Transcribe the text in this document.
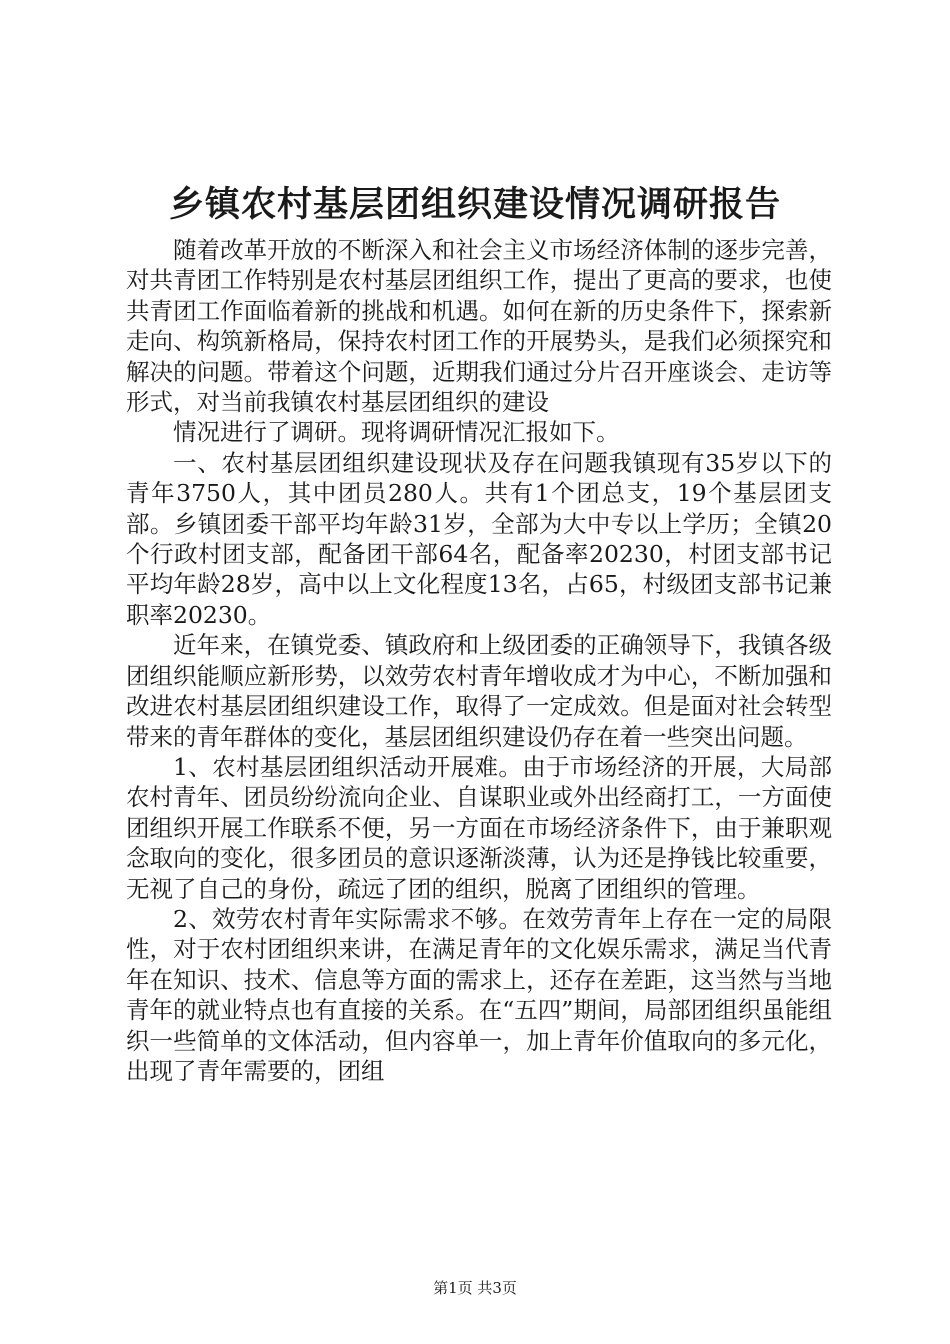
乡镇农村基层团组织建设情况调研报告

随着改革开放的不断深入和社会主义市场经济体制的逐步完善，对共青团工作特别是农村基层团组织工作，提出了更高的要求，也使共青团工作面临着新的挑战和机遇。如何在新的历史条件下，探索新走向、构筑新格局，保持农村团工作的开展势头，是我们必须探究和解决的问题。带着这个问题，近期我们通过分片召开座谈会、走访等形式，对当前我镇农村基层团组织的建设

情况进行了调研。现将调研情况汇报如下。

一、农村基层团组织建设现状及存在问题我镇现有35岁以下的青年3750人，其中团员280人。共有1个团总支，19个基层团支部。乡镇团委干部平均年龄31岁，全部为大中专以上学历；全镇20个行政村团支部，配备团干部64名，配备率20230，村团支部书记平均年龄28岁，高中以上文化程度13名，占65，村级团支部书记兼职率20230。

近年来，在镇党委、镇政府和上级团委的正确领导下，我镇各级团组织能顺应新形势，以效劳农村青年增收成才为中心，不断加强和改进农村基层团组织建设工作，取得了一定成效。但是面对社会转型带来的青年群体的变化，基层团组织建设仍存在着一些突出问题。

1、农村基层团组织活动开展难。由于市场经济的开展，大局部农村青年、团员纷纷流向企业、自谋职业或外出经商打工，一方面使团组织开展工作联系不便，另一方面在市场经济条件下，由于兼职观念取向的变化，很多团员的意识逐渐淡薄，认为还是挣钱比较重要，无视了自己的身份，疏远了团的组织，脱离了团组织的管理。

2、效劳农村青年实际需求不够。在效劳青年上存在一定的局限性，对于农村团组织来讲，在满足青年的文化娱乐需求，满足当代青年在知识、技术、信息等方面的需求上，还存在差距，这当然与当地青年的就业特点也有直接的关系。在“五四”期间，局部团组织虽能组织一些简单的文体活动，但内容单一，加上青年价值取向的多元化，出现了青年需要的，团组

第1页 共3页
